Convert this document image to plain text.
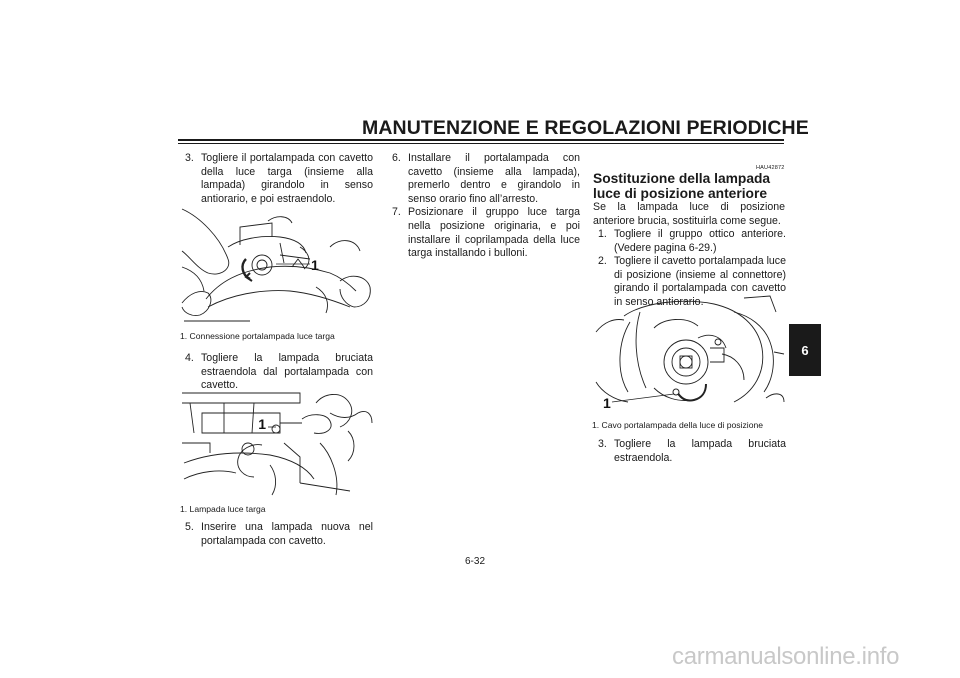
MANUTENZIONE E REGOLAZIONI PERIODICHE

3. Togliere il portalampada con cavetto della luce targa (insieme alla lampada) girandolo in senso antiorario, e poi estraendolo.

1
1. Connessione portalampada luce targa

4. Togliere la lampada bruciata estraendola dal portalampada con cavetto.

1
1. Lampada luce targa

5. Inserire una lampada nuova nel portalampada con cavetto.

6. Installare il portalampada con cavetto (insieme alla lampada), premerlo dentro e girandolo in senso orario fino all’arresto.

7. Posizionare il gruppo luce targa nella posizione originaria, e poi installare il coprilampada della luce targa installando i bulloni.

HAU42872
Sostituzione della lampada luce di posizione anteriore
Se la lampada luce di posizione anteriore brucia, sostituirla come segue.

1. Togliere il gruppo ottico anteriore. (Vedere pagina 6-29.)

2. Togliere il cavetto portalampada luce di posizione (insieme al connettore) girando il portalampada con cavetto in senso antiorario.

1
1. Cavo portalampada della luce di posizione

3. Togliere la lampada bruciata estraendola.

6
6-32
carmanualsonline.info
